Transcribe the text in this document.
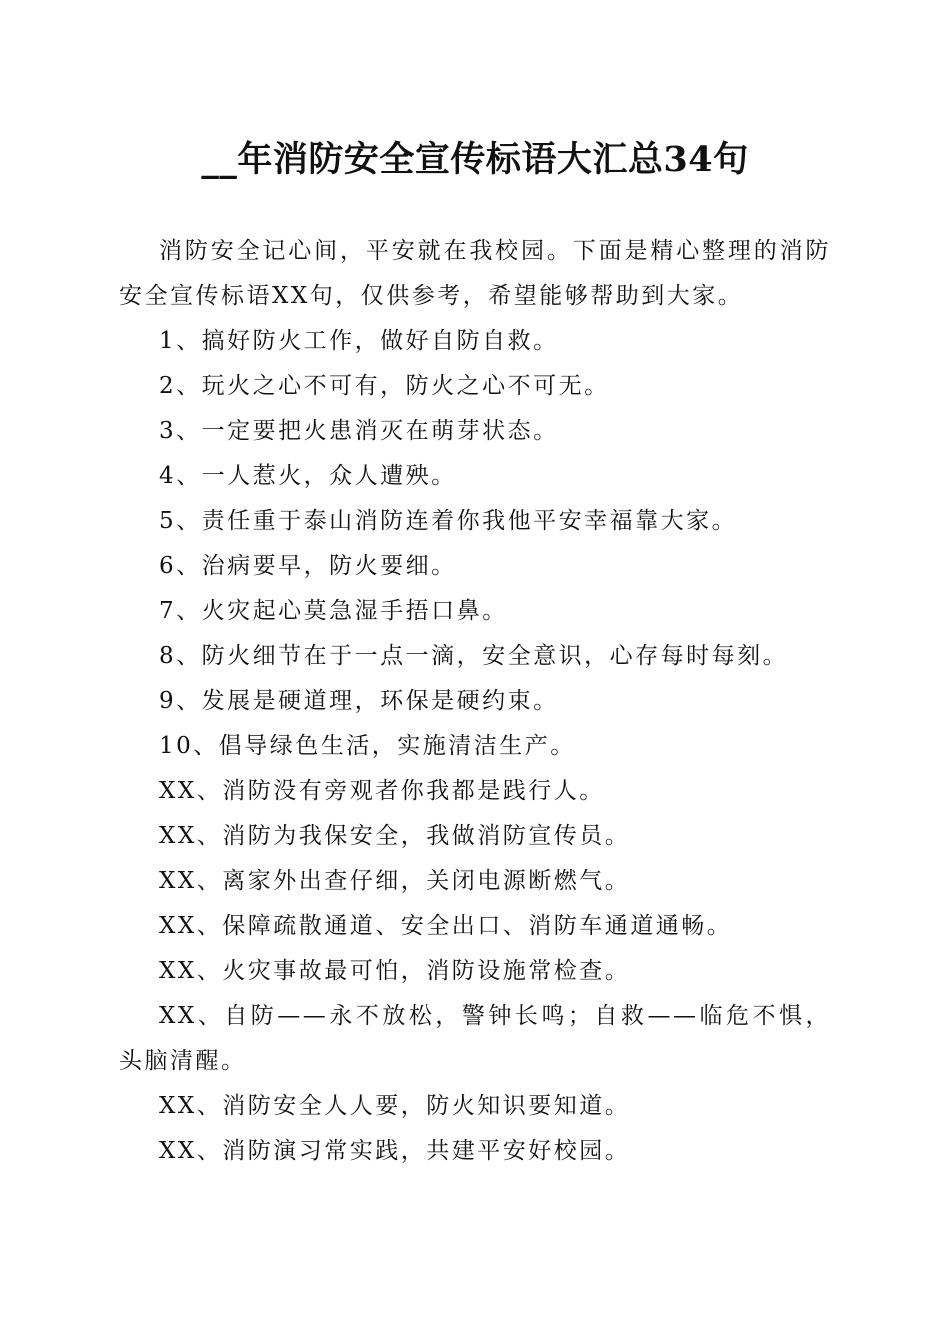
__年消防安全宣传标语大汇总34句

消防安全记心间，平安就在我校园。下面是精心整理的消防安全宣传标语XX句，仅供参考，希望能够帮助到大家。

1、搞好防火工作，做好自防自救。

2、玩火之心不可有，防火之心不可无。

3、一定要把火患消灭在萌芽状态。

4、一人惹火，众人遭殃。

5、责任重于泰山消防连着你我他平安幸福靠大家。

6、治病要早，防火要细。

7、火灾起心莫急湿手捂口鼻。

8、防火细节在于一点一滴，安全意识，心存每时每刻。

9、发展是硬道理，环保是硬约束。

10、倡导绿色生活，实施清洁生产。

XX、消防没有旁观者你我都是践行人。

XX、消防为我保安全，我做消防宣传员。

XX、离家外出查仔细，关闭电源断燃气。

XX、保障疏散通道、安全出口、消防车通道通畅。

XX、火灾事故最可怕，消防设施常检查。

XX、自防——永不放松，警钟长鸣；自救——临危不惧，头脑清醒。

XX、消防安全人人要，防火知识要知道。

XX、消防演习常实践，共建平安好校园。
